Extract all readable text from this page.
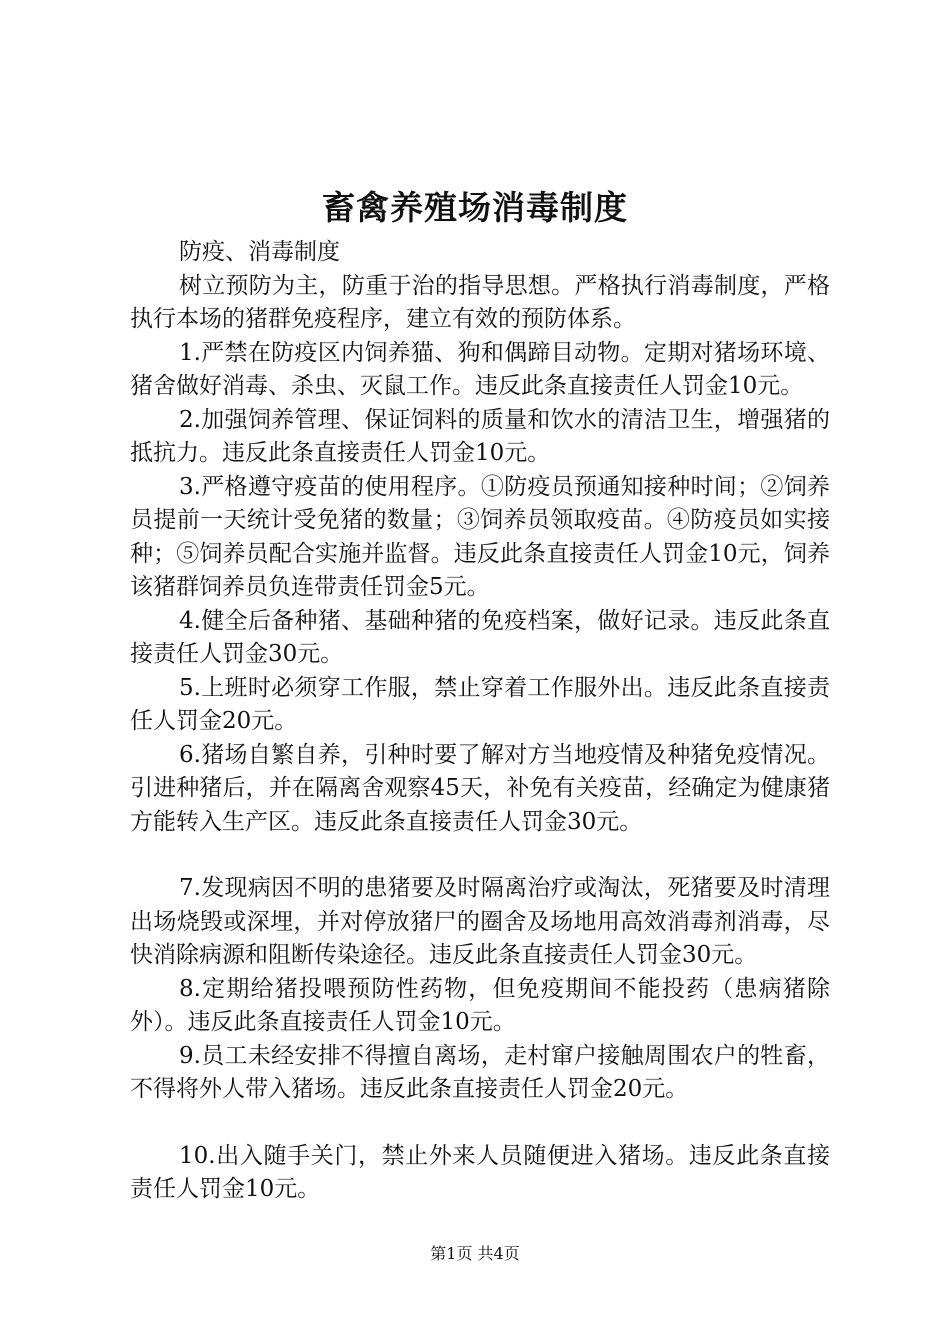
畜禽养殖场消毒制度

防疫、消毒制度

树立预防为主，防重于治的指导思想。严格执行消毒制度，严格执行本场的猪群免疫程序，建立有效的预防体系。

1.严禁在防疫区内饲养猫、狗和偶蹄目动物。定期对猪场环境、猪舍做好消毒、杀虫、灭鼠工作。违反此条直接责任人罚金10元。

2.加强饲养管理、保证饲料的质量和饮水的清洁卫生，增强猪的抵抗力。违反此条直接责任人罚金10元。

3.严格遵守疫苗的使用程序。①防疫员预通知接种时间；②饲养员提前一天统计受免猪的数量；③饲养员领取疫苗。④防疫员如实接种；⑤饲养员配合实施并监督。违反此条直接责任人罚金10元，饲养该猪群饲养员负连带责任罚金5元。

4.健全后备种猪、基础种猪的免疫档案，做好记录。违反此条直接责任人罚金30元。

5.上班时必须穿工作服，禁止穿着工作服外出。违反此条直接责任人罚金20元。

6.猪场自繁自养，引种时要了解对方当地疫情及种猪免疫情况。引进种猪后，并在隔离舍观察45天，补免有关疫苗，经确定为健康猪方能转入生产区。违反此条直接责任人罚金30元。

7.发现病因不明的患猪要及时隔离治疗或淘汰，死猪要及时清理出场烧毁或深埋，并对停放猪尸的圈舍及场地用高效消毒剂消毒，尽快消除病源和阻断传染途径。违反此条直接责任人罚金30元。

8.定期给猪投喂预防性药物，但免疫期间不能投药（患病猪除外）。违反此条直接责任人罚金10元。

9.员工未经安排不得擅自离场，走村窜户接触周围农户的牲畜，不得将外人带入猪场。违反此条直接责任人罚金20元。

10.出入随手关门，禁止外来人员随便进入猪场。违反此条直接责任人罚金10元。

第1页 共4页
